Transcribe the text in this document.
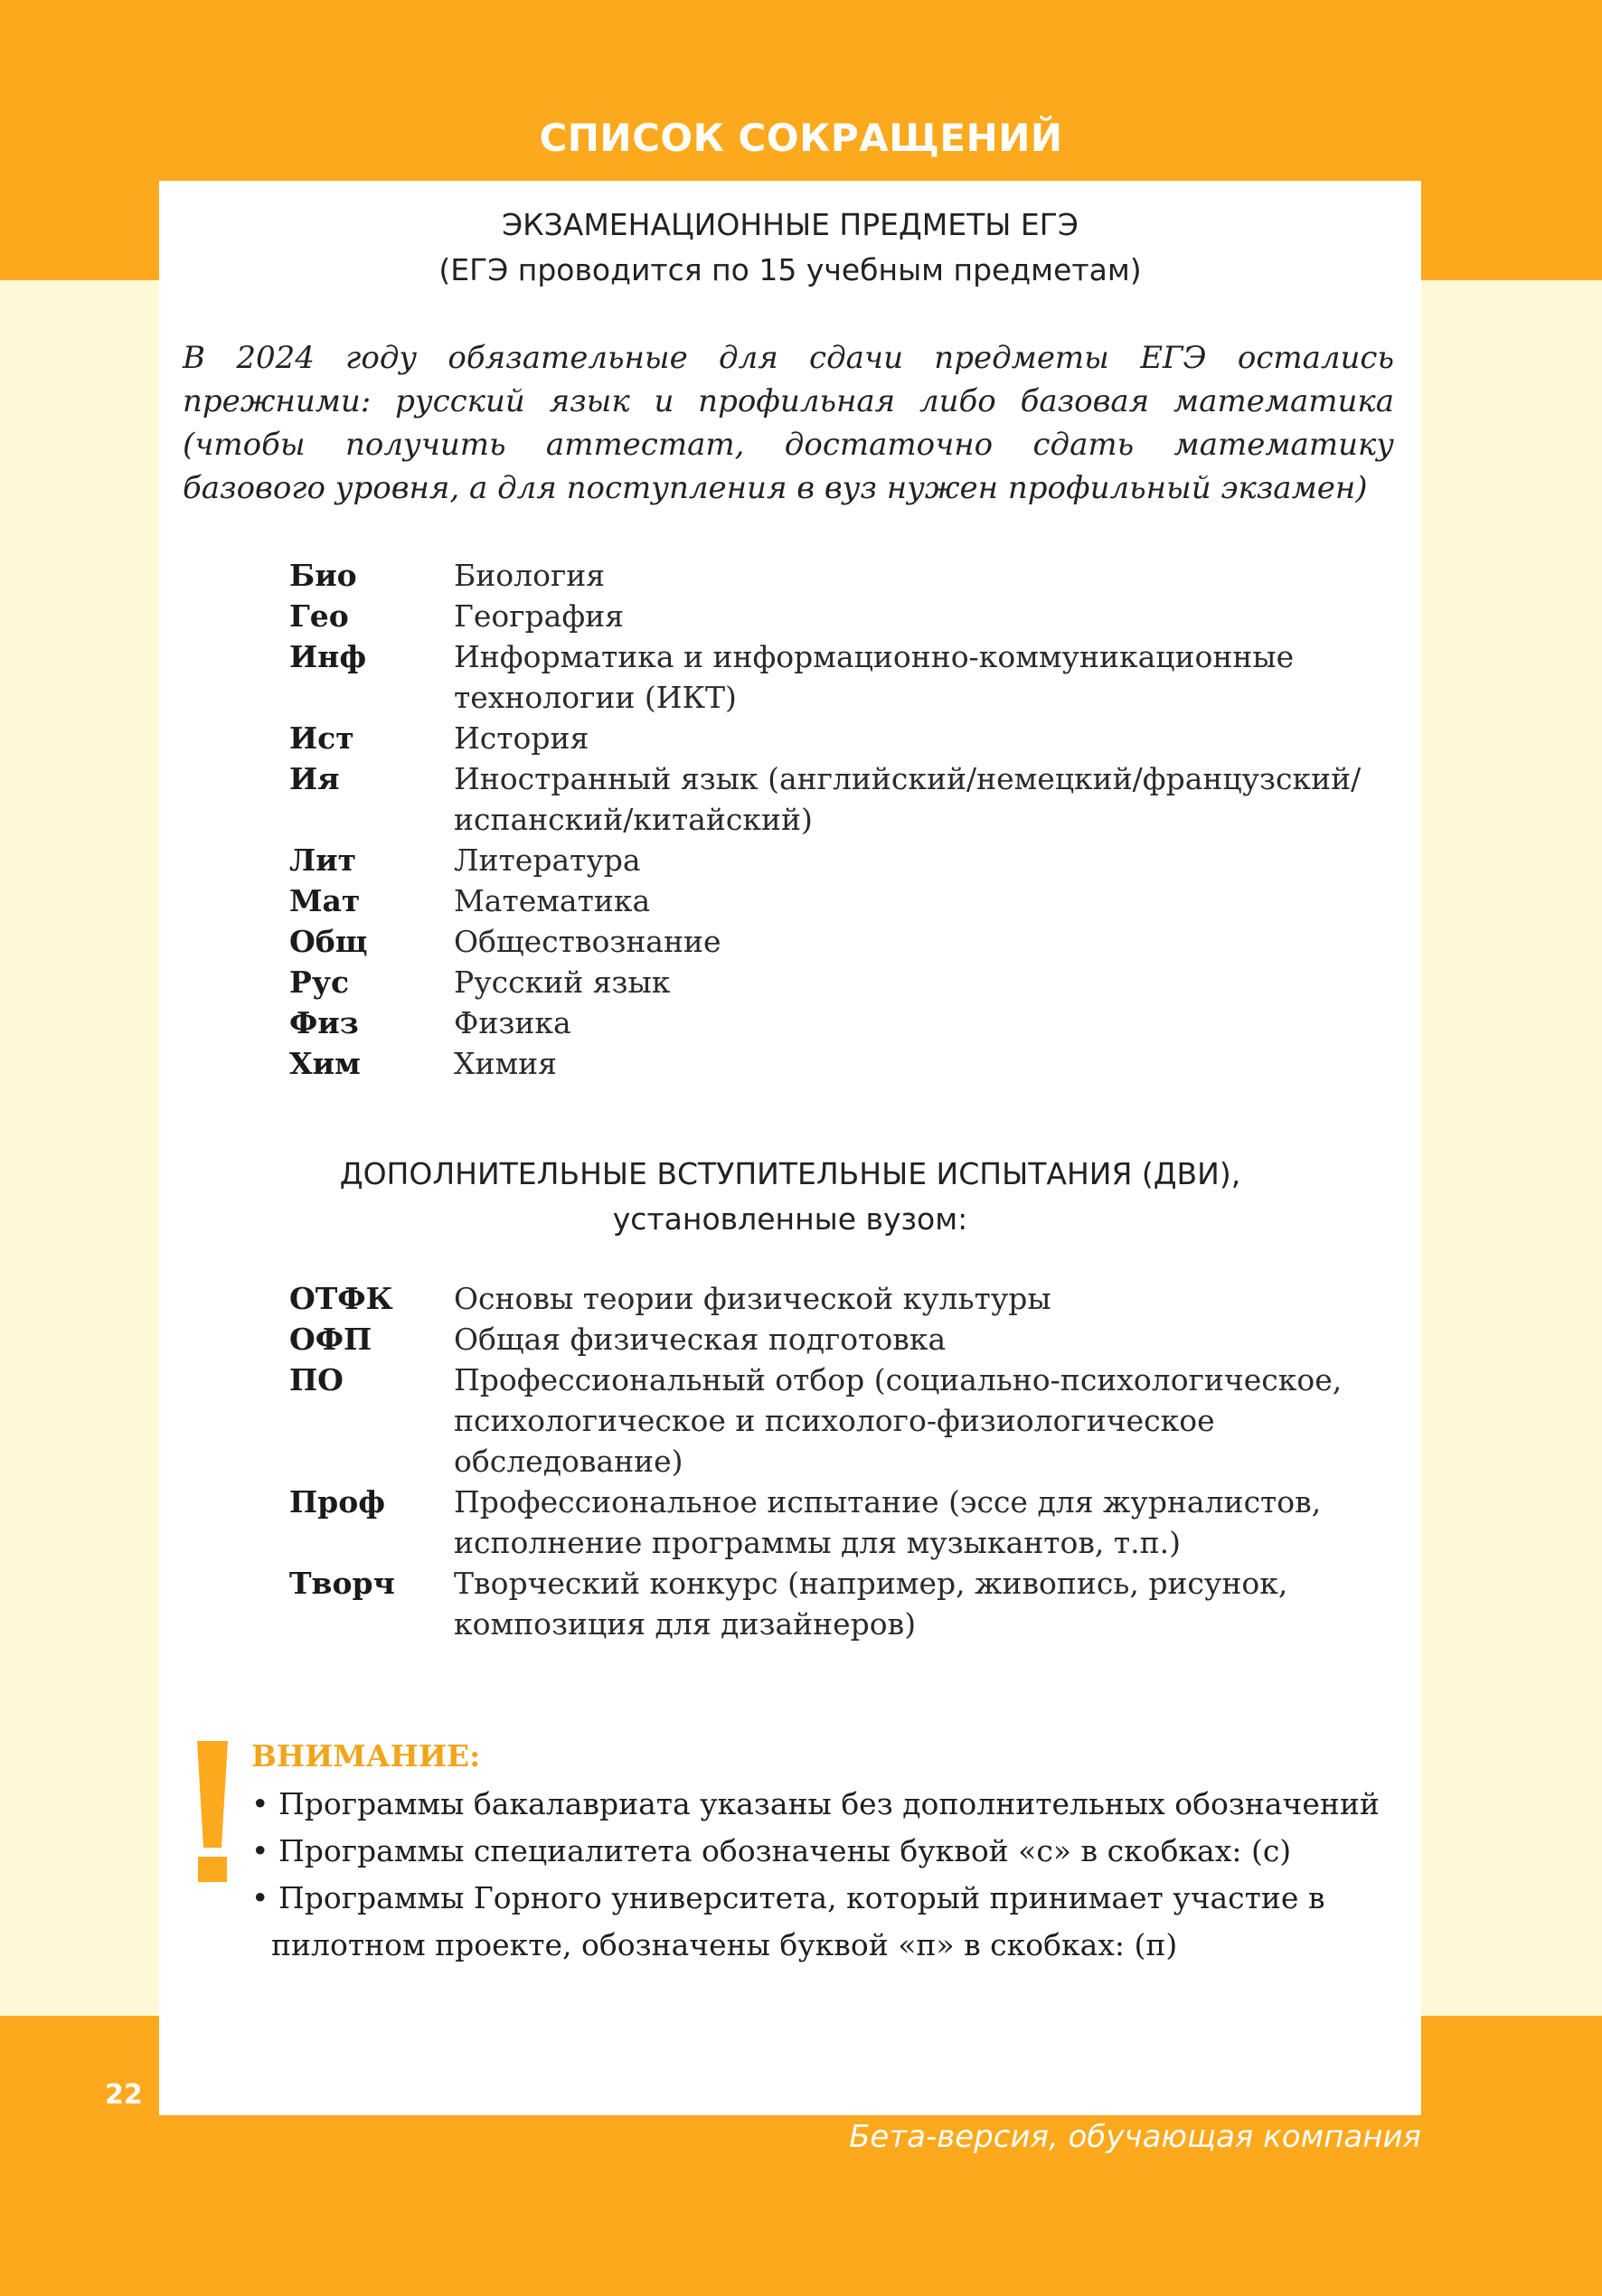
СПИСОК СОКРАЩЕНИЙ
ЭКЗАМЕНАЦИОННЫЕ ПРЕДМЕТЫ ЕГЭ
(ЕГЭ проводится по 15 учебным предметам)
В 2024 году обязательные для сдачи предметы ЕГЭ остались прежними: русский язык и профильная либо базовая математика (чтобы получить аттестат, достаточно сдать математику базового уровня, а для поступления в вуз нужен профильный экзамен)
Био	Биология
Гео	География
Инф	Информатика и информационно-коммуникационные технологии (ИКТ)
Ист	История
Ия	Иностранный язык (английский/немецкий/французский/ испанский/китайский)
Лит	Литература
Мат	Математика
Общ	Обществознание
Рус	Русский язык
Физ	Физика
Хим	Химия
ДОПОЛНИТЕЛЬНЫЕ ВСТУПИТЕЛЬНЫЕ ИСПЫТАНИЯ (ДВИ),
установленные вузом:
ОТФК	Основы теории физической культуры
ОФП	Общая физическая подготовка
ПО	Профессиональный отбор (социально-психологическое, психологическое и психолого-физиологическое обследование)
Проф	Профессиональное испытание (эссе для журналистов, исполнение программы для музыкантов, т.п.)
Творч	Творческий конкурс (например, живопись, рисунок, композиция для дизайнеров)
ВНИМАНИЕ:
• Программы бакалавриата указаны без дополнительных обозначений
• Программы специалитета обозначены буквой «с» в скобках: (с)
• Программы Горного университета, который принимает участие в пилотном проекте, обозначены буквой «п» в скобках: (п)
22
Бета-версия, обучающая компания
